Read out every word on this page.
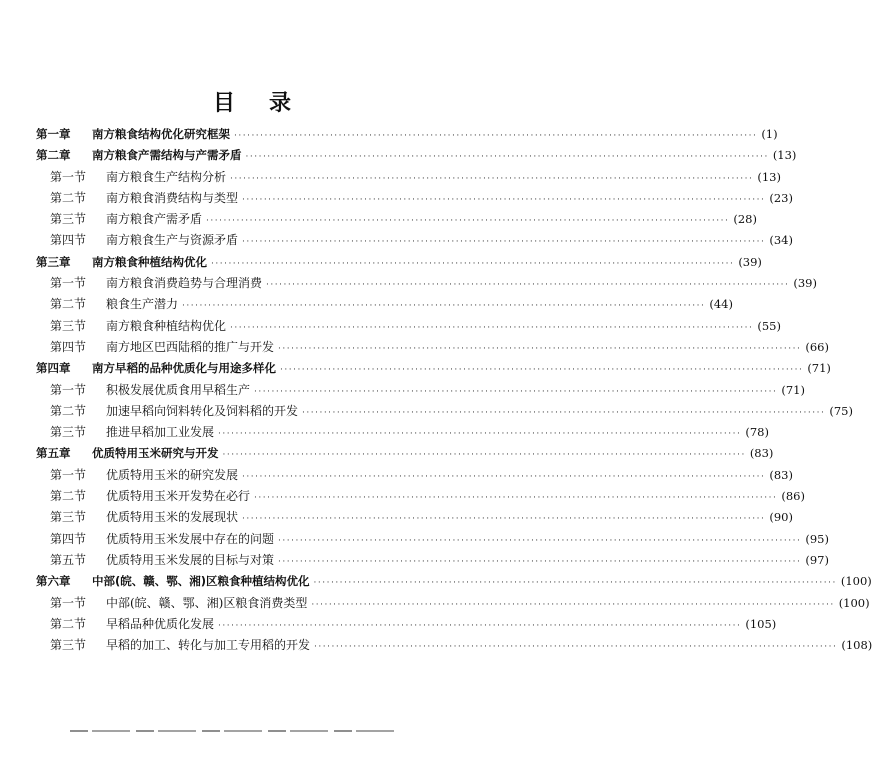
目录
第一章	南方粮食结构优化研究框架 ························································································································ (1)
第二章	南方粮食产需结构与产需矛盾 ························································································································ (13)
第一节	南方粮食生产结构分析 ························································································································ (13)
第二节	南方粮食消费结构与类型 ························································································································ (23)
第三节	南方粮食产需矛盾 ························································································································ (28)
第四节	南方粮食生产与资源矛盾 ························································································································ (34)
第三章	南方粮食种植结构优化 ························································································································ (39)
第一节	南方粮食消费趋势与合理消费 ························································································································ (39)
第二节	粮食生产潜力 ························································································································ (44)
第三节	南方粮食种植结构优化 ························································································································ (55)
第四节	南方地区巴西陆稻的推广与开发 ························································································································ (66)
第四章	南方早稻的品种优质化与用途多样化 ························································································································ (71)
第一节	积极发展优质食用早稻生产 ························································································································ (71)
第二节	加速早稻向饲料转化及饲料稻的开发 ························································································································ (75)
第三节	推进早稻加工业发展 ························································································································ (78)
第五章	优质特用玉米研究与开发 ························································································································ (83)
第一节	优质特用玉米的研究发展 ························································································································ (83)
第二节	优质特用玉米开发势在必行 ························································································································ (86)
第三节	优质特用玉米的发展现状 ························································································································ (90)
第四节	优质特用玉米发展中存在的问题 ························································································································ (95)
第五节	优质特用玉米发展的目标与对策 ························································································································ (97)
第六章	中部(皖、赣、鄂、湘)区粮食种植结构优化 ························································································································ (100)
第一节	中部(皖、赣、鄂、湘)区粮食消费类型 ························································································································ (100)
第二节	早稻品种优质化发展 ························································································································ (105)
第三节	早稻的加工、转化与加工专用稻的开发 ························································································································ (108)
